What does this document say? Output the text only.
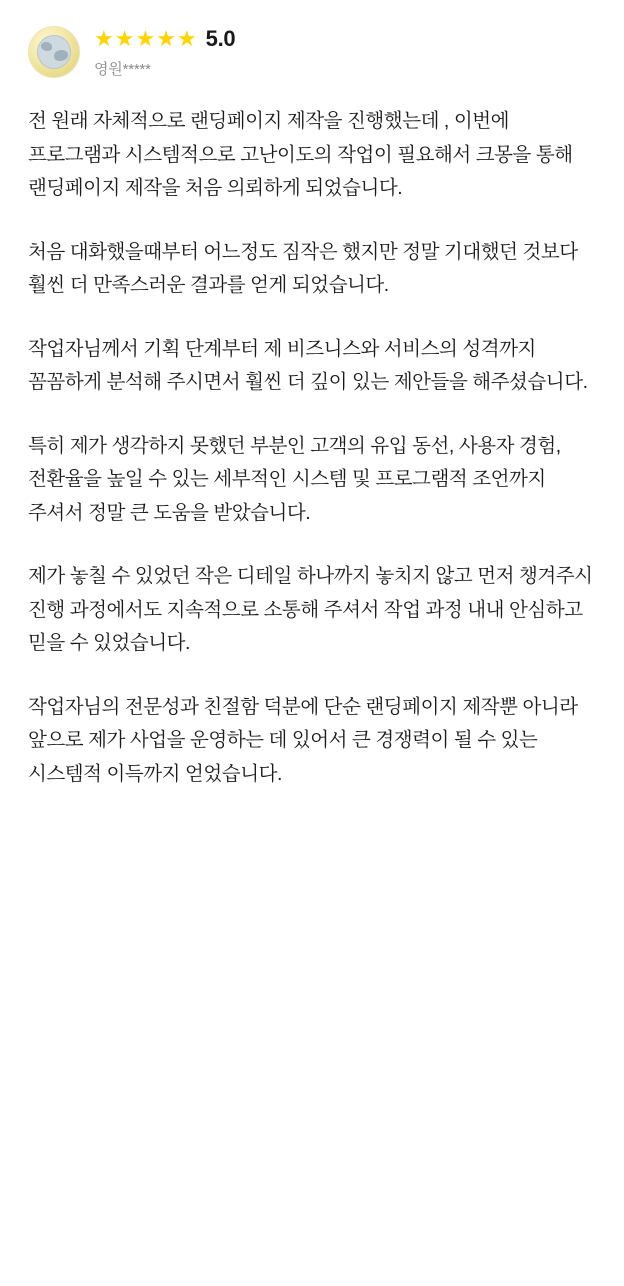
★ ★ ★ ★ ★ 5.0
영원*****

전 원래 자체적으로 랜딩페이지 제작을 진행했는데 , 이번에 프로그램과 시스템적으로 고난이도의 작업이 필요해서 크몽을 통해 랜딩페이지 제작을 처음 의뢰하게 되었습니다.

처음 대화했을때부터 어느정도 짐작은 했지만 정말 기대했던 것보다 훨씬 더 만족스러운 결과를 얻게 되었습니다.

작업자님께서 기획 단계부터 제 비즈니스와 서비스의 성격까지 꼼꼼하게 분석해 주시면서 훨씬 더 깊이 있는 제안들을 해주셨습니다.

특히 제가 생각하지 못했던 부분인 고객의 유입 동선, 사용자 경험, 전환율을 높일 수 있는 세부적인 시스템 및 프로그램적 조언까지 주셔서 정말 큰 도움을 받았습니다.

제가 놓칠 수 있었던 작은 디테일 하나까지 놓치지 않고 먼저 챙겨주시 진행 과정에서도 지속적으로 소통해 주셔서 작업 과정 내내 안심하고 믿을 수 있었습니다.

작업자님의 전문성과 친절함 덕분에 단순 랜딩페이지 제작뿐 아니라 앞으로 제가 사업을 운영하는 데 있어서 큰 경쟁력이 될 수 있는 시스템적 이득까지 얻었습니다.
